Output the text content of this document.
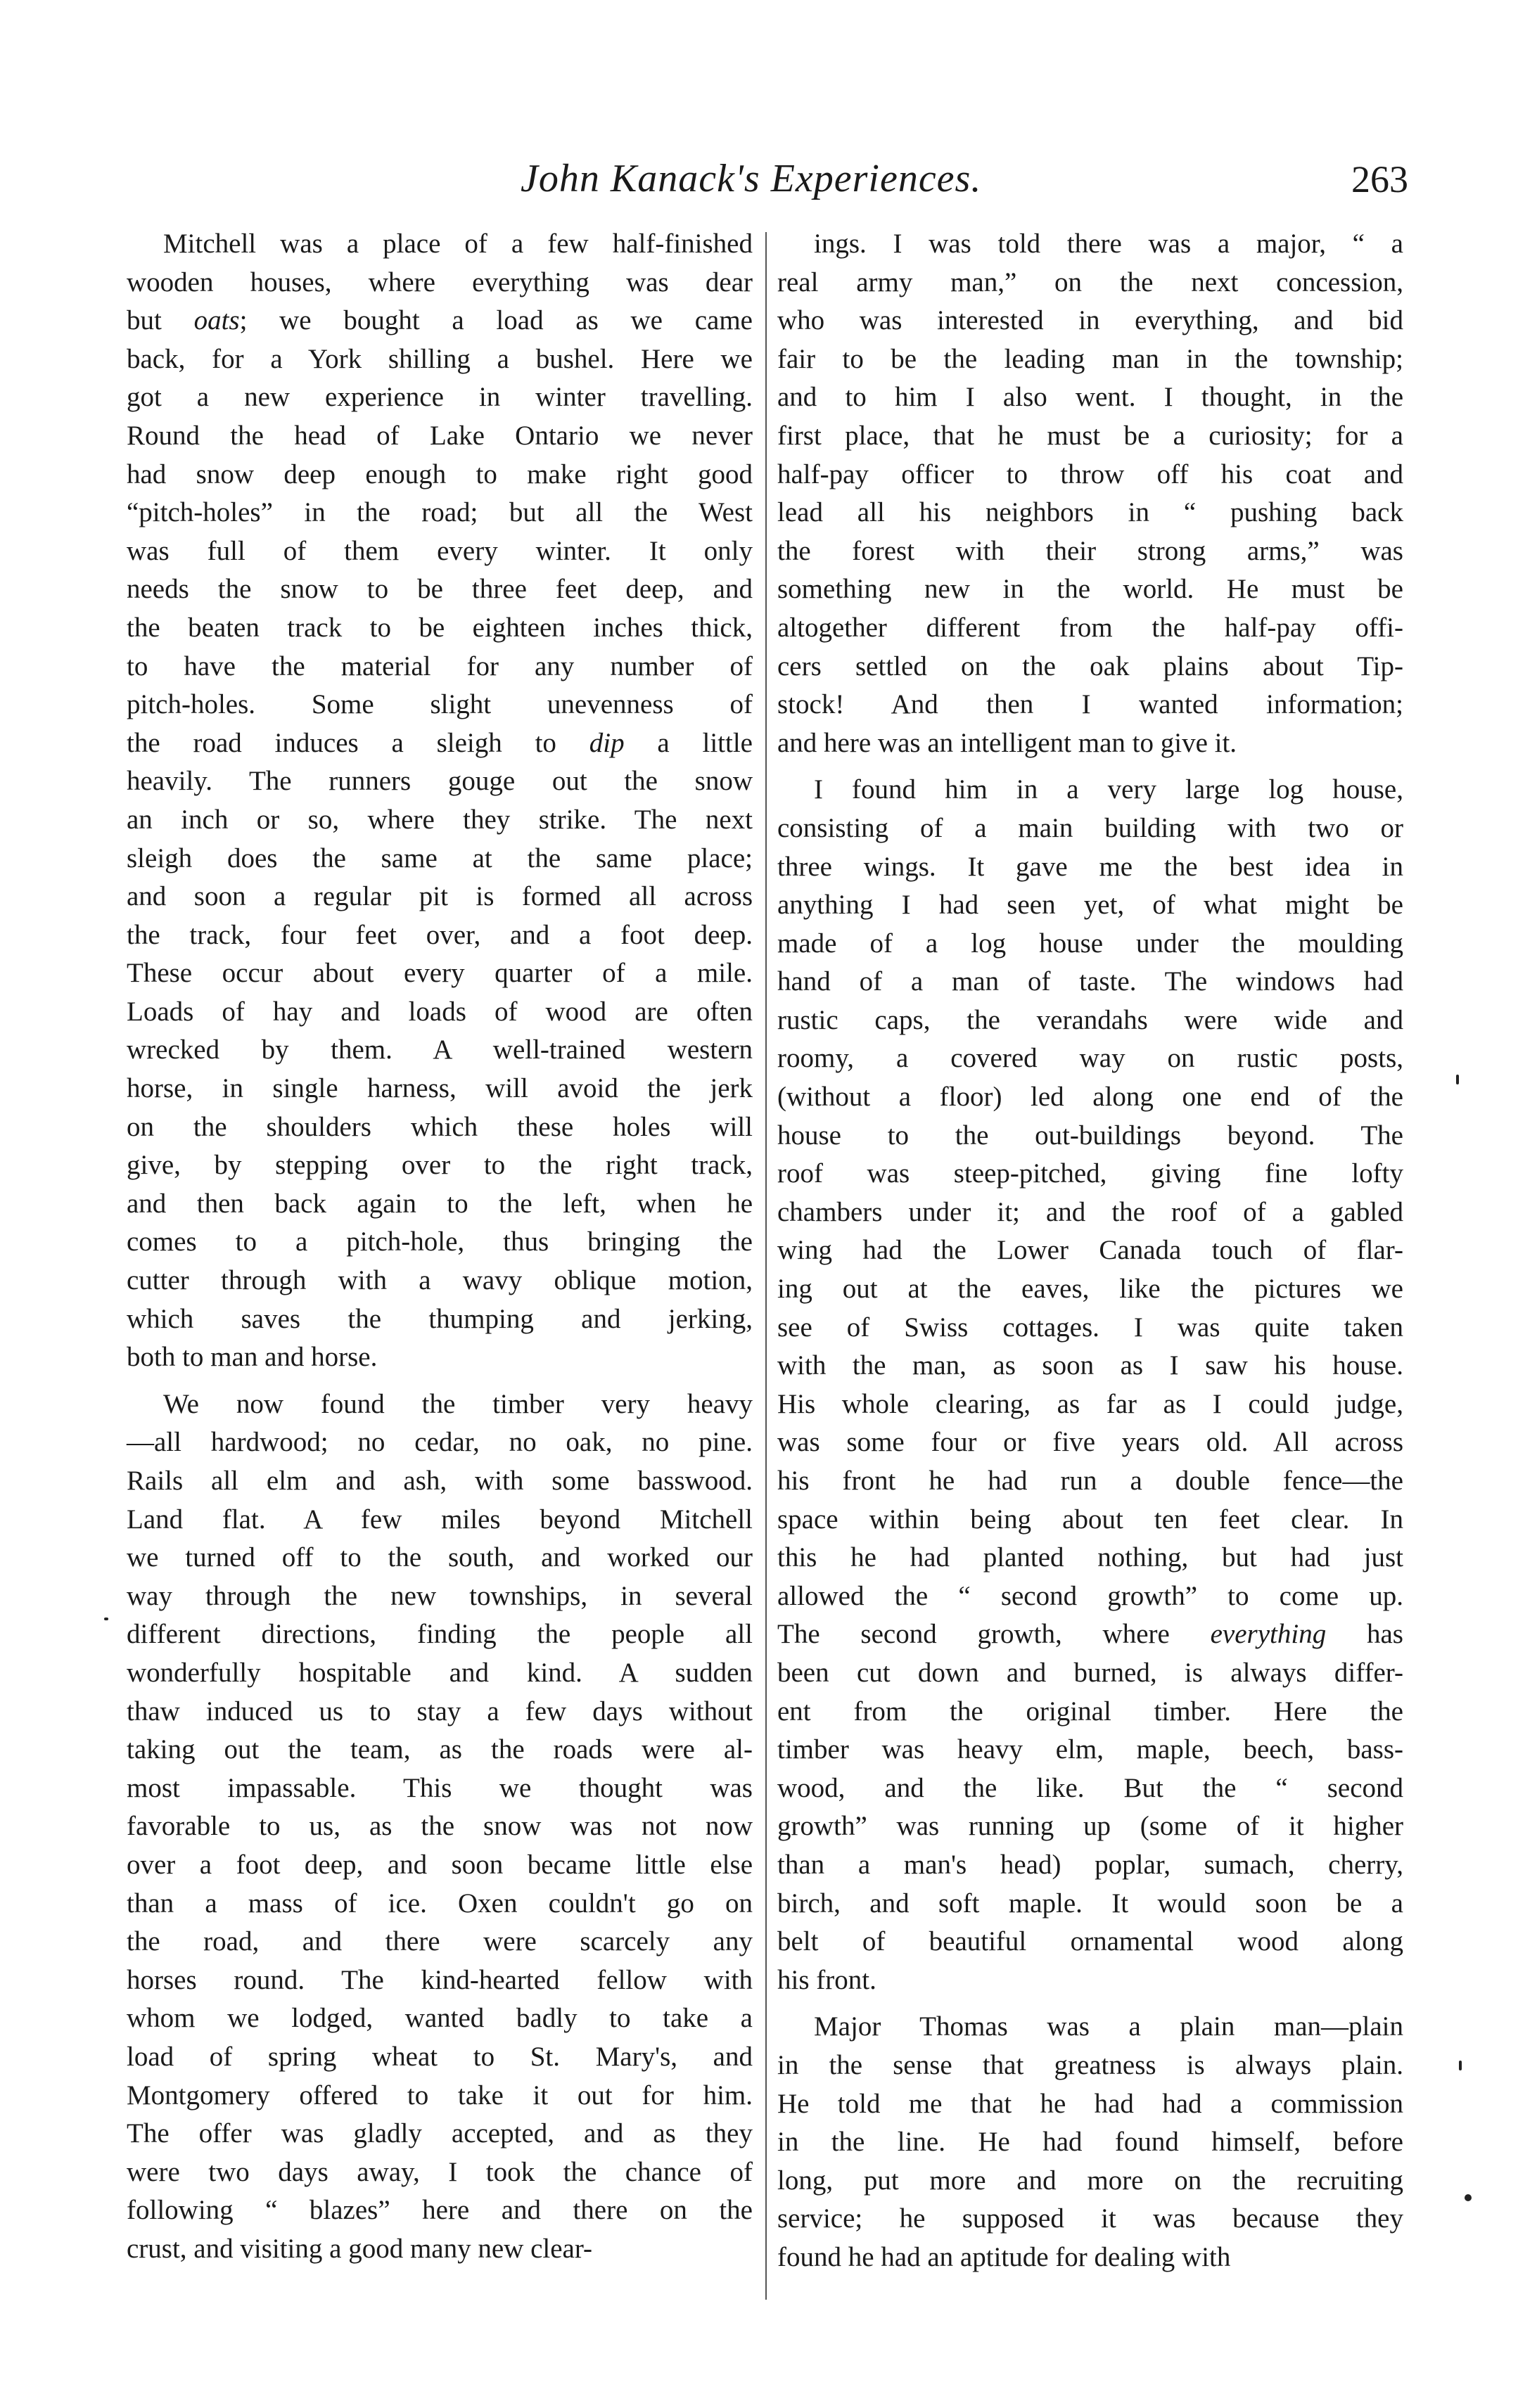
John Kanack's Experiences.	263
Mitchell was a place of a few half-finished
wooden houses, where everything was dear
but oats; we bought a load as we came
back, for a York shilling a bushel. Here we
got a new experience in winter travelling.
Round the head of Lake Ontario we never
had snow deep enough to make right good
“pitch-holes” in the road; but all the West
was full of them every winter. It only
needs the snow to be three feet deep, and
the beaten track to be eighteen inches thick,
to have the material for any number of
pitch-holes. Some slight unevenness of
the road induces a sleigh to dip a little
heavily. The runners gouge out the snow
an inch or so, where they strike. The next
sleigh does the same at the same place;
and soon a regular pit is formed all across
the track, four feet over, and a foot deep.
These occur about every quarter of a mile.
Loads of hay and loads of wood are often
wrecked by them. A well-trained western
horse, in single harness, will avoid the jerk
on the shoulders which these holes will
give, by stepping over to the right track,
and then back again to the left, when he
comes to a pitch-hole, thus bringing the
cutter through with a wavy oblique motion,
which saves the thumping and jerking,
both to man and horse.
We now found the timber very heavy
—all hardwood; no cedar, no oak, no pine.
Rails all elm and ash, with some basswood.
Land flat. A few miles beyond Mitchell
we turned off to the south, and worked our
way through the new townships, in several
different directions, finding the people all
wonderfully hospitable and kind. A sudden
thaw induced us to stay a few days without
taking out the team, as the roads were al-
most impassable. This we thought was
favorable to us, as the snow was not now
over a foot deep, and soon became little else
than a mass of ice. Oxen couldn't go on
the road, and there were scarcely any
horses round. The kind-hearted fellow with
whom we lodged, wanted badly to take a
load of spring wheat to St. Mary's, and
Montgomery offered to take it out for him.
The offer was gladly accepted, and as they
were two days away, I took the chance of
following “ blazes” here and there on the
crust, and visiting a good many new clear-
ings. I was told there was a major, “ a
real army man,” on the next concession,
who was interested in everything, and bid
fair to be the leading man in the township;
and to him I also went. I thought, in the
first place, that he must be a curiosity; for a
half-pay officer to throw off his coat and
lead all his neighbors in “ pushing back
the forest with their strong arms,” was
something new in the world. He must be
altogether different from the half-pay offi-
cers settled on the oak plains about Tip-
stock! And then I wanted information;
and here was an intelligent man to give it.
I found him in a very large log house,
consisting of a main building with two or
three wings. It gave me the best idea in
anything I had seen yet, of what might be
made of a log house under the moulding
hand of a man of taste. The windows had
rustic caps, the verandahs were wide and
roomy, a covered way on rustic posts,
(without a floor) led along one end of the
house to the out-buildings beyond. The
roof was steep-pitched, giving fine lofty
chambers under it; and the roof of a gabled
wing had the Lower Canada touch of flar-
ing out at the eaves, like the pictures we
see of Swiss cottages. I was quite taken
with the man, as soon as I saw his house.
His whole clearing, as far as I could judge,
was some four or five years old. All across
his front he had run a double fence—the
space within being about ten feet clear. In
this he had planted nothing, but had just
allowed the “ second growth” to come up.
The second growth, where everything has
been cut down and burned, is always differ-
ent from the original timber. Here the
timber was heavy elm, maple, beech, bass-
wood, and the like. But the “ second
growth” was running up (some of it higher
than a man's head) poplar, sumach, cherry,
birch, and soft maple. It would soon be a
belt of beautiful ornamental wood along
his front.
Major Thomas was a plain man—plain
in the sense that greatness is always plain.
He told me that he had had a commission
in the line. He had found himself, before
long, put more and more on the recruiting
service; he supposed it was because they
found he had an aptitude for dealing with
